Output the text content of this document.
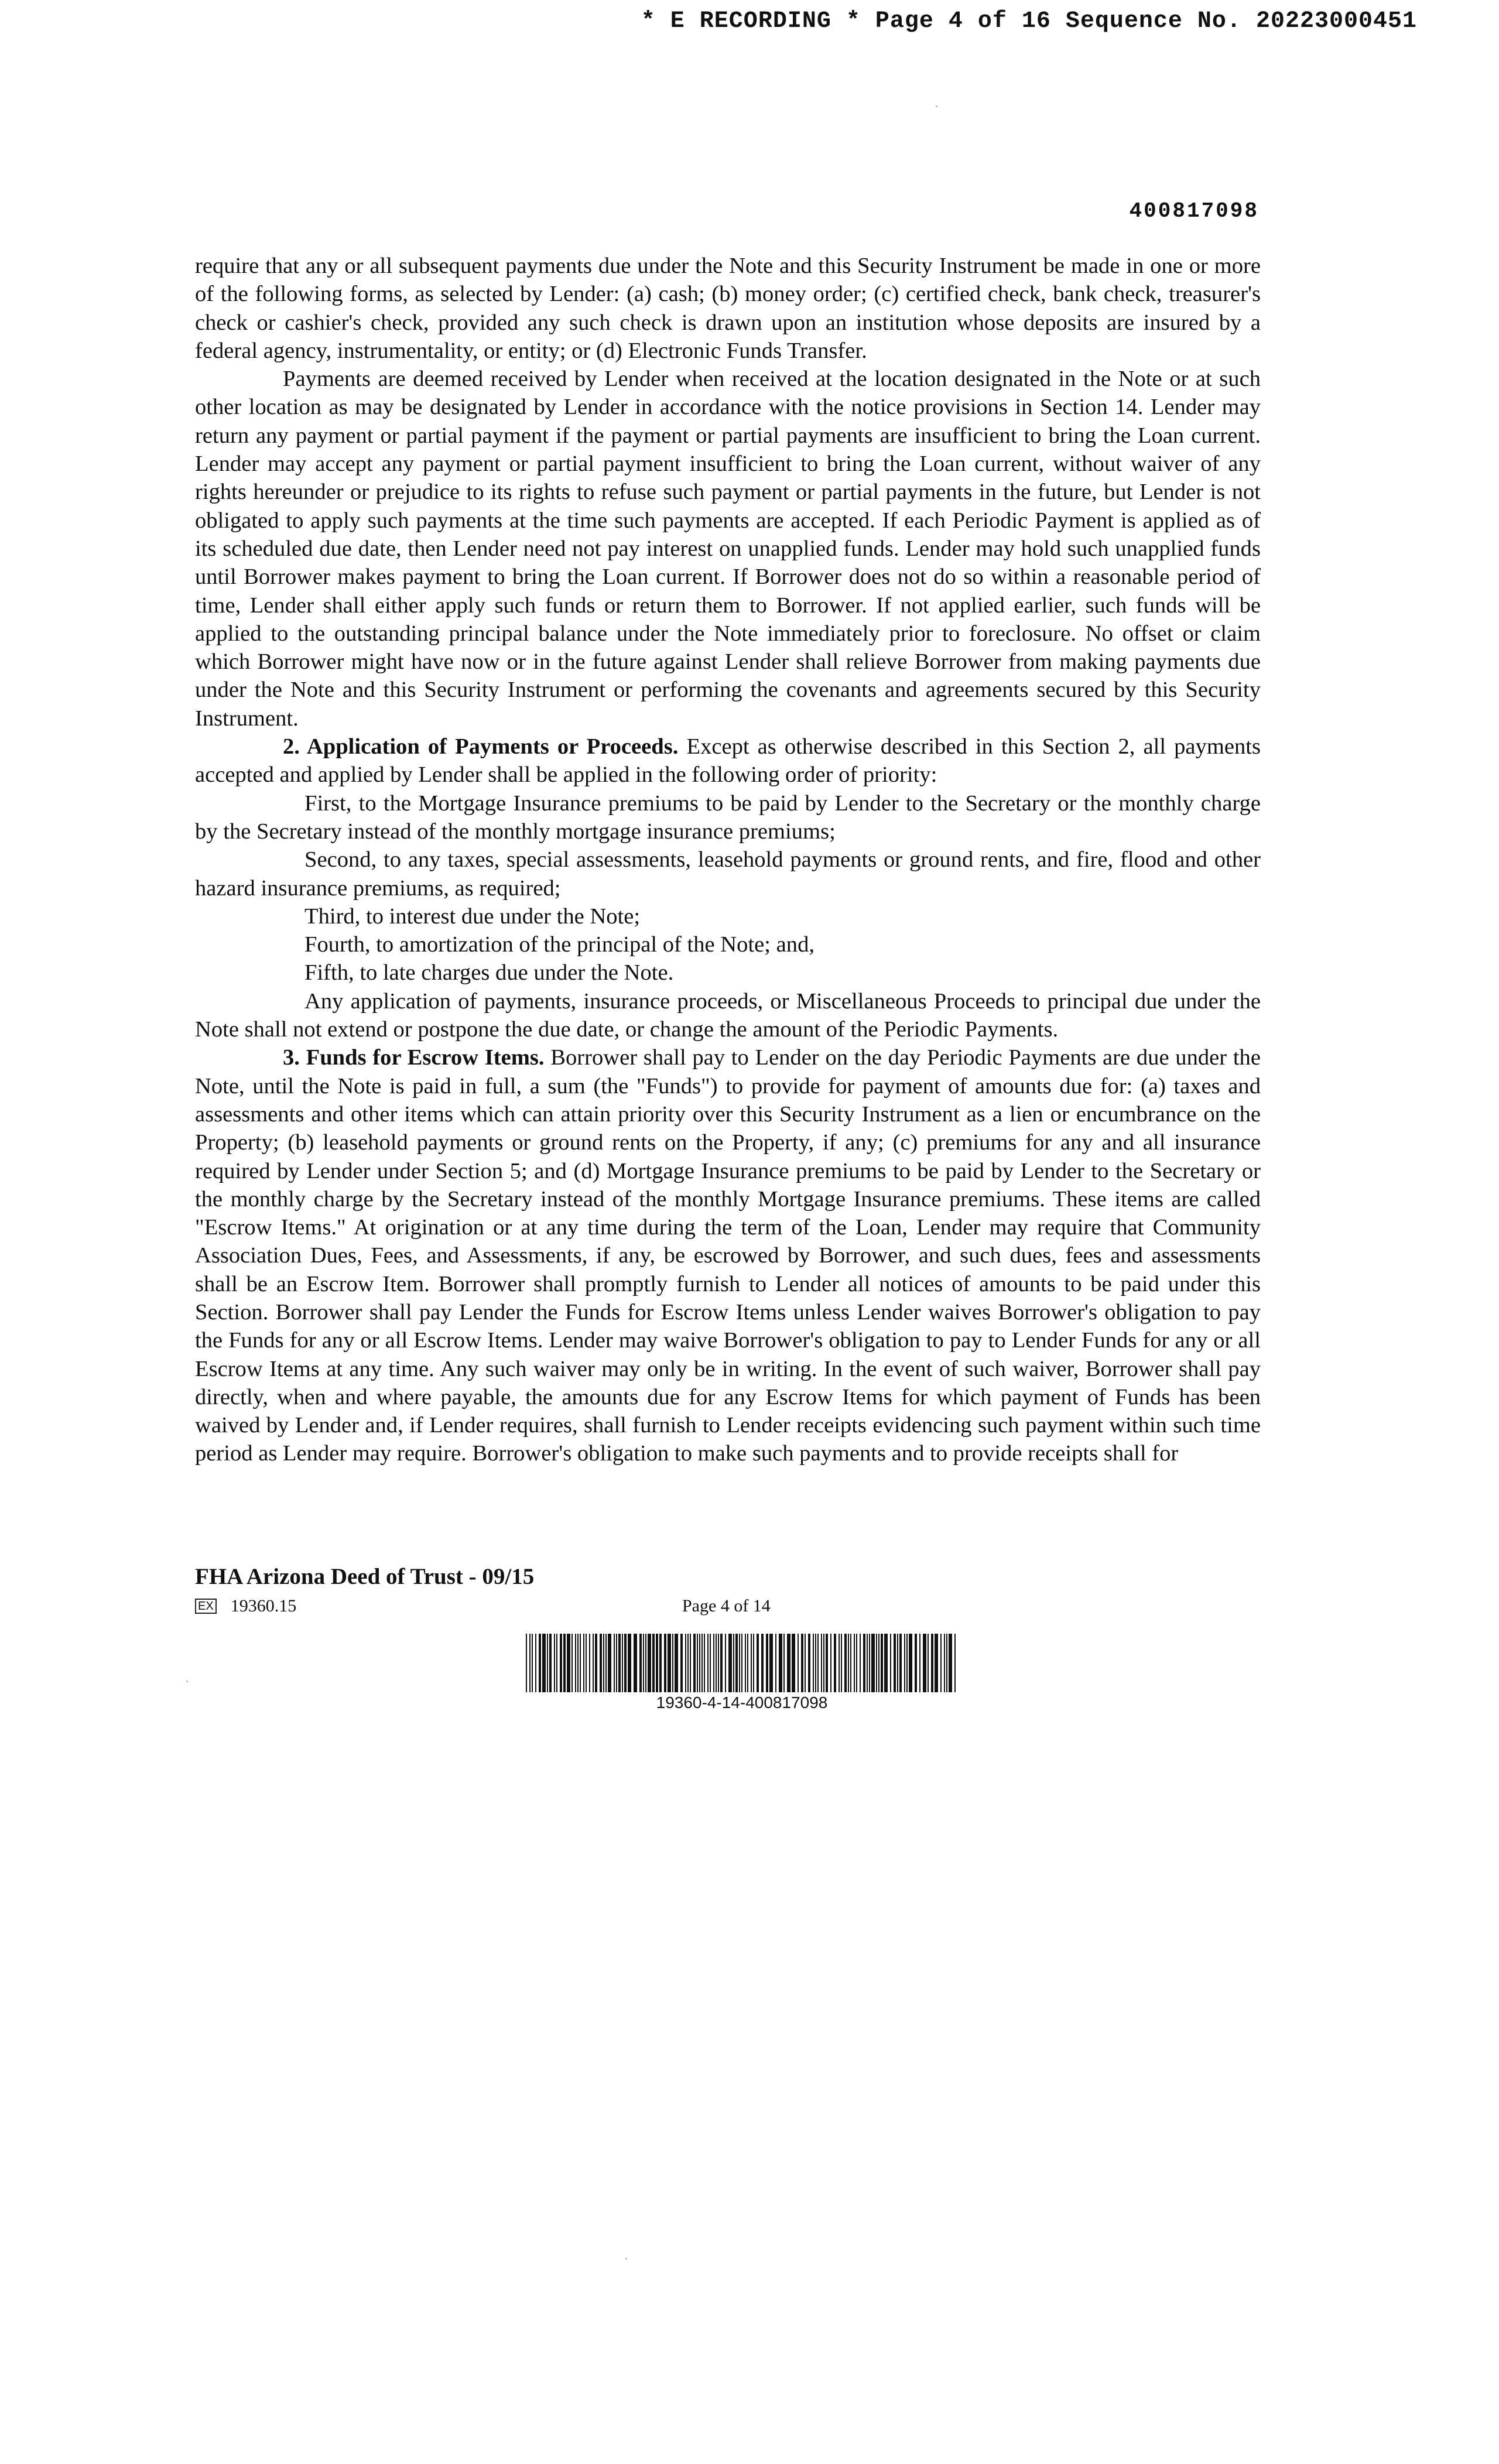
* E RECORDING * Page 4 of 16 Sequence No. 20223000451
400817098

require that any or all subsequent payments due under the Note and this Security Instrument be made in one or more of the following forms, as selected by Lender: (a) cash; (b) money order; (c) certified check, bank check, treasurer's check or cashier's check, provided any such check is drawn upon an institution whose deposits are insured by a federal agency, instrumentality, or entity; or (d) Electronic Funds Transfer.

Payments are deemed received by Lender when received at the location designated in the Note or at such other location as may be designated by Lender in accordance with the notice provisions in Section 14. Lender may return any payment or partial payment if the payment or partial payments are insufficient to bring the Loan current. Lender may accept any payment or partial payment insufficient to bring the Loan current, without waiver of any rights hereunder or prejudice to its rights to refuse such payment or partial payments in the future, but Lender is not obligated to apply such payments at the time such payments are accepted. If each Periodic Payment is applied as of its scheduled due date, then Lender need not pay interest on unapplied funds. Lender may hold such unapplied funds until Borrower makes payment to bring the Loan current. If Borrower does not do so within a reasonable period of time, Lender shall either apply such funds or return them to Borrower. If not applied earlier, such funds will be applied to the outstanding principal balance under the Note immediately prior to foreclosure. No offset or claim which Borrower might have now or in the future against Lender shall relieve Borrower from making payments due under the Note and this Security Instrument or performing the covenants and agreements secured by this Security Instrument.

2. Application of Payments or Proceeds. Except as otherwise described in this Section 2, all payments accepted and applied by Lender shall be applied in the following order of priority:

First, to the Mortgage Insurance premiums to be paid by Lender to the Secretary or the monthly charge by the Secretary instead of the monthly mortgage insurance premiums;

Second, to any taxes, special assessments, leasehold payments or ground rents, and fire, flood and other hazard insurance premiums, as required;

Third, to interest due under the Note;

Fourth, to amortization of the principal of the Note; and,

Fifth, to late charges due under the Note.

Any application of payments, insurance proceeds, or Miscellaneous Proceeds to principal due under the Note shall not extend or postpone the due date, or change the amount of the Periodic Payments.

3. Funds for Escrow Items. Borrower shall pay to Lender on the day Periodic Payments are due under the Note, until the Note is paid in full, a sum (the "Funds") to provide for payment of amounts due for: (a) taxes and assessments and other items which can attain priority over this Security Instrument as a lien or encumbrance on the Property; (b) leasehold payments or ground rents on the Property, if any; (c) premiums for any and all insurance required by Lender under Section 5; and (d) Mortgage Insurance premiums to be paid by Lender to the Secretary or the monthly charge by the Secretary instead of the monthly Mortgage Insurance premiums. These items are called "Escrow Items." At origination or at any time during the term of the Loan, Lender may require that Community Association Dues, Fees, and Assessments, if any, be escrowed by Borrower, and such dues, fees and assessments shall be an Escrow Item. Borrower shall promptly furnish to Lender all notices of amounts to be paid under this Section. Borrower shall pay Lender the Funds for Escrow Items unless Lender waives Borrower's obligation to pay the Funds for any or all Escrow Items. Lender may waive Borrower's obligation to pay to Lender Funds for any or all Escrow Items at any time. Any such waiver may only be in writing. In the event of such waiver, Borrower shall pay directly, when and where payable, the amounts due for any Escrow Items for which payment of Funds has been waived by Lender and, if Lender requires, shall furnish to Lender receipts evidencing such payment within such time period as Lender may require. Borrower's obligation to make such payments and to provide receipts shall for

FHA Arizona Deed of Trust - 09/15
EX 19360.15	Page 4 of 14
19360-4-14-400817098
